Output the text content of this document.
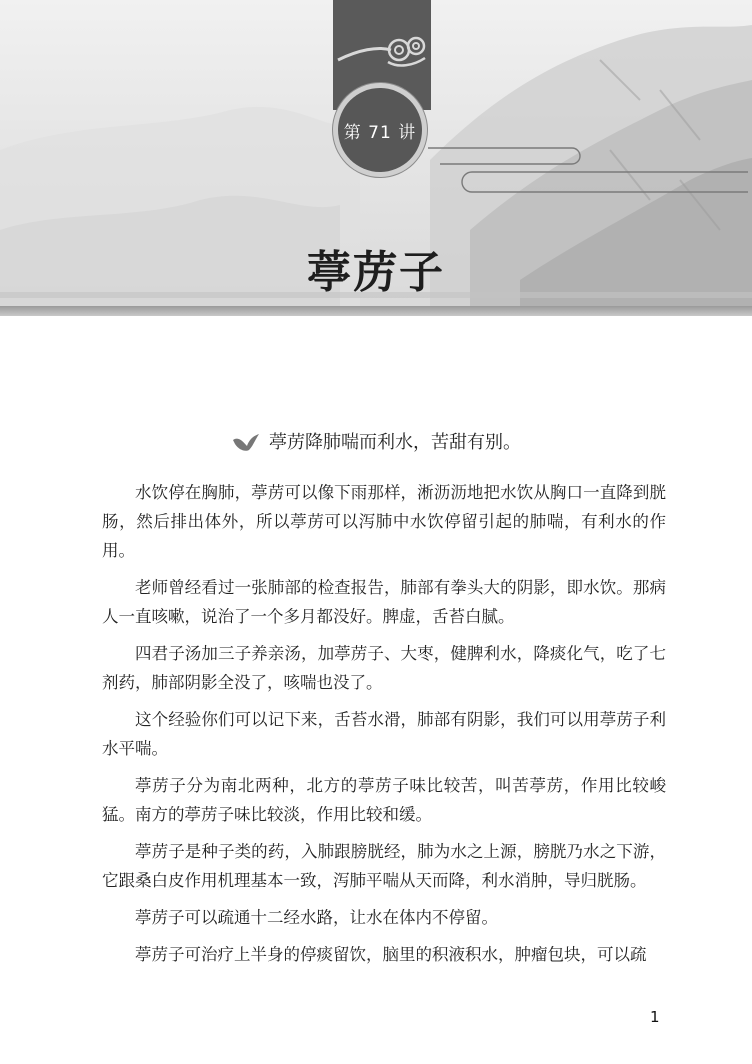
第 71 讲
葶苈子
葶苈降肺喘而利水，苦甜有别。

水饮停在胸肺，葶苈可以像下雨那样，淅沥沥地把水饮从胸口一直降到胱肠，然后排出体外，所以葶苈可以泻肺中水饮停留引起的肺喘，有利水的作用。

老师曾经看过一张肺部的检查报告，肺部有拳头大的阴影，即水饮。那病人一直咳嗽，说治了一个多月都没好。脾虚，舌苔白腻。

四君子汤加三子养亲汤，加葶苈子、大枣，健脾利水，降痰化气，吃了七剂药，肺部阴影全没了，咳喘也没了。

这个经验你们可以记下来，舌苔水滑，肺部有阴影，我们可以用葶苈子利水平喘。

葶苈子分为南北两种，北方的葶苈子味比较苦，叫苦葶苈，作用比较峻猛。南方的葶苈子味比较淡，作用比较和缓。

葶苈子是种子类的药，入肺跟膀胱经，肺为水之上源，膀胱乃水之下游，它跟桑白皮作用机理基本一致，泻肺平喘从天而降，利水消肿，导归胱肠。

葶苈子可以疏通十二经水路，让水在体内不停留。

葶苈子可治疗上半身的停痰留饮，脑里的积液积水，肿瘤包块，可以疏

1
